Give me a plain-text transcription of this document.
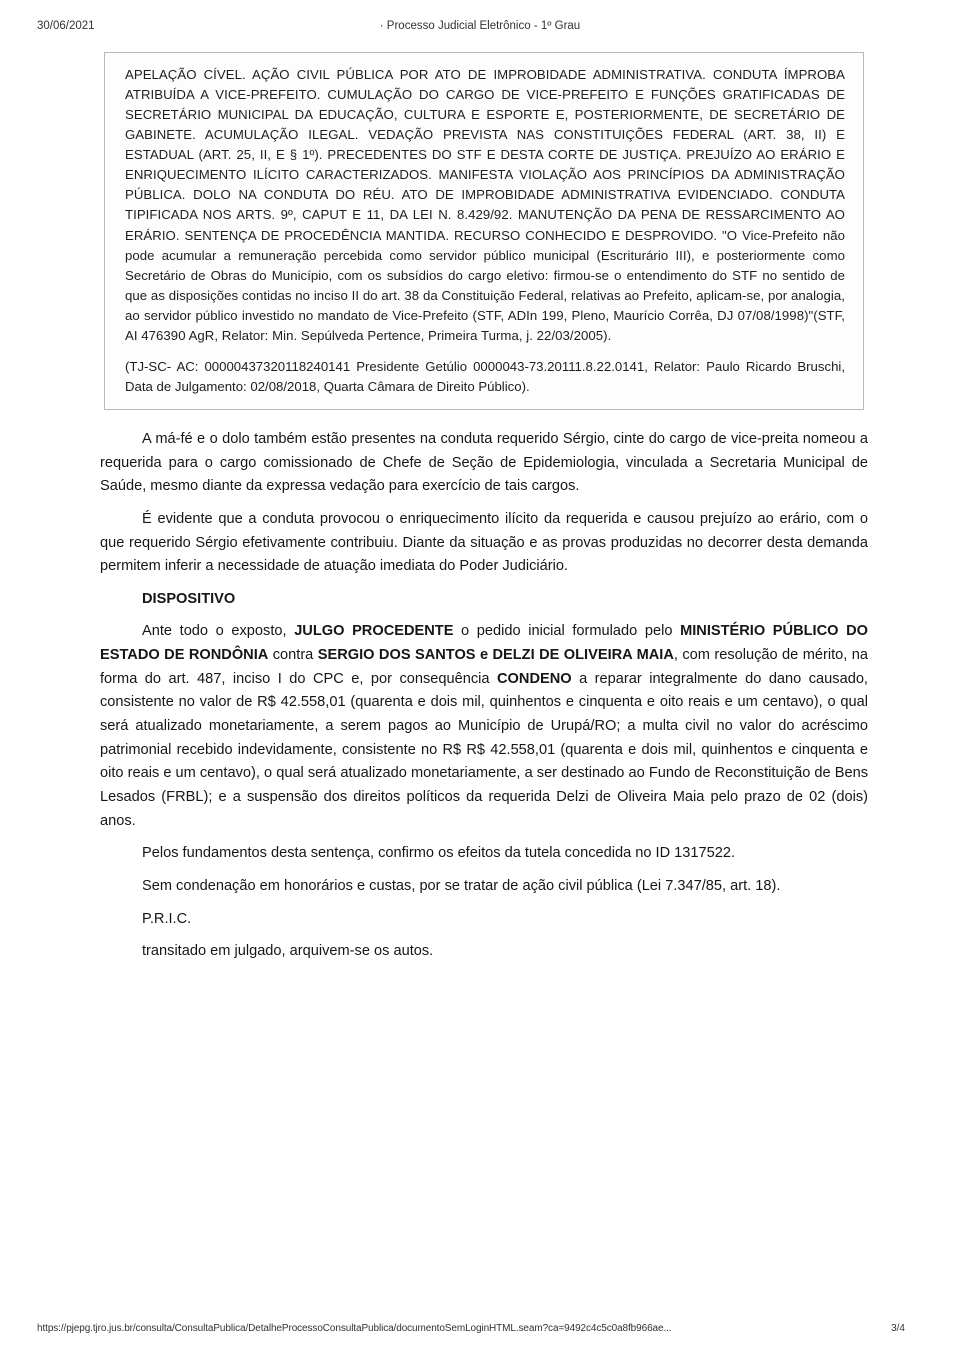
30/06/2021	· Processo Judicial Eletrônico - 1º Grau

APELAÇÃO CÍVEL. AÇÃO CIVIL PÚBLICA POR ATO DE IMPROBIDADE ADMINISTRATIVA. CONDUTA ÍMPROBA ATRIBUÍDA A VICE-PREFEITO. CUMULAÇÃO DO CARGO DE VICE-PREFEITO E FUNÇÕES GRATIFICADAS DE SECRETÁRIO MUNICIPAL DA EDUCAÇÃO, CULTURA E ESPORTE E, POSTERIORMENTE, DE SECRETÁRIO DE GABINETE. ACUMULAÇÃO ILEGAL. VEDAÇÃO PREVISTA NAS CONSTITUIÇÕES FEDERAL (ART. 38, II) E ESTADUAL (ART. 25, II, E § 1º). PRECEDENTES DO STF E DESTA CORTE DE JUSTIÇA. PREJUÍZO AO ERÁRIO E ENRIQUECIMENTO ILÍCITO CARACTERIZADOS. MANIFESTA VIOLAÇÃO AOS PRINCÍPIOS DA ADMINISTRAÇÃO PÚBLICA. DOLO NA CONDUTA DO RÉU. ATO DE IMPROBIDADE ADMINISTRATIVA EVIDENCIADO. CONDUTA TIPIFICADA NOS ARTS. 9º, CAPUT E 11, DA LEI N. 8.429/92. MANUTENÇÃO DA PENA DE RESSARCIMENTO AO ERÁRIO. SENTENÇA DE PROCEDÊNCIA MANTIDA. RECURSO CONHECIDO E DESPROVIDO. "O Vice-Prefeito não pode acumular a remuneração percebida como servidor público municipal (Escriturário III), e posteriormente como Secretário de Obras do Município, com os subsídios do cargo eletivo: firmou-se o entendimento do STF no sentido de que as disposições contidas no inciso II do art. 38 da Constituição Federal, relativas ao Prefeito, aplicam-se, por analogia, ao servidor público investido no mandato de Vice-Prefeito (STF, ADIn 199, Pleno, Maurício Corrêa, DJ 07/08/1998)"(STF, AI 476390 AgR, Relator: Min. Sepúlveda Pertence, Primeira Turma, j. 22/03/2005).

(TJ-SC- AC: 00000437320118240141 Presidente Getúlio 0000043-73.20111.8.22.0141, Relator: Paulo Ricardo Bruschi, Data de Julgamento: 02/08/2018, Quarta Câmara de Direito Público).

A má-fé e o dolo também estão presentes na conduta requerido Sérgio, cinte do cargo de vice-preita nomeou a requerida para o cargo comissionado de Chefe de Seção de Epidemiologia, vinculada a Secretaria Municipal de Saúde, mesmo diante da expressa vedação para exercício de tais cargos.

É evidente que a conduta provocou o enriquecimento ilícito da requerida e causou prejuízo ao erário, com o que requerido Sérgio efetivamente contribuiu. Diante da situação e as provas produzidas no decorrer desta demanda permitem inferir a necessidade de atuação imediata do Poder Judiciário.

DISPOSITIVO

Ante todo o exposto, JULGO PROCEDENTE o pedido inicial formulado pelo MINISTÉRIO PÚBLICO DO ESTADO DE RONDÔNIA contra SERGIO DOS SANTOS e DELZI DE OLIVEIRA MAIA, com resolução de mérito, na forma do art. 487, inciso I do CPC e, por consequência CONDENO a reparar integralmente do dano causado, consistente no valor de R$ 42.558,01 (quarenta e dois mil, quinhentos e cinquenta e oito reais e um centavo), o qual será atualizado monetariamente, a serem pagos ao Município de Urupá/RO; a multa civil no valor do acréscimo patrimonial recebido indevidamente, consistente no R$ R$ 42.558,01 (quarenta e dois mil, quinhentos e cinquenta e oito reais e um centavo), o qual será atualizado monetariamente, a ser destinado ao Fundo de Reconstituição de Bens Lesados (FRBL); e a suspensão dos direitos políticos da requerida Delzi de Oliveira Maia pelo prazo de 02 (dois) anos.

Pelos fundamentos desta sentença, confirmo os efeitos da tutela concedida no ID 1317522.

Sem condenação em honorários e custas, por se tratar de ação civil pública (Lei 7.347/85, art. 18).

P.R.I.C.
transitado em julgado, arquivem-se os autos.
https://pjepg.tjro.jus.br/consulta/ConsultaPublica/DetalheProcessoConsultaPublica/documentoSemLoginHTML.seam?ca=9492c4c5c0a8fb966ae...	3/4
